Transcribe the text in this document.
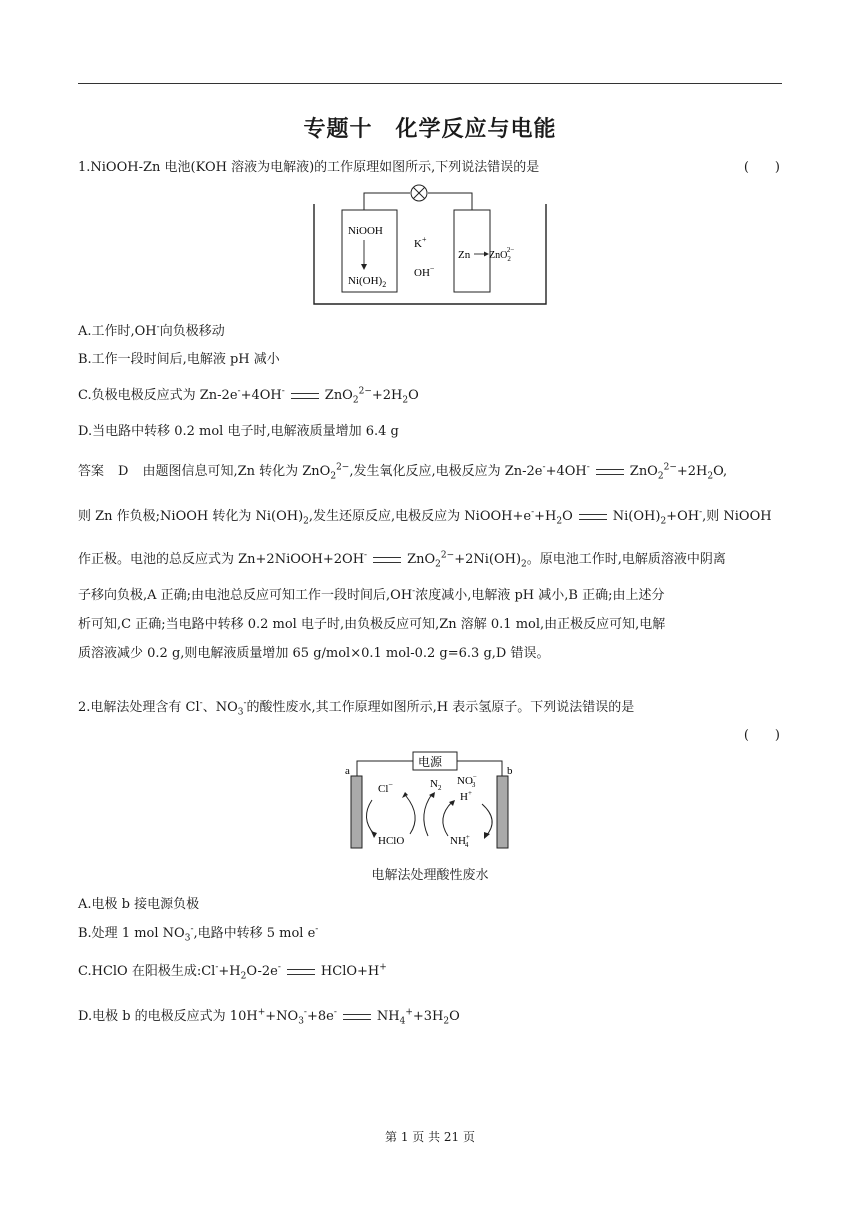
专题十　化学反应与电能
1.NiOOH-Zn 电池(KOH 溶液为电解液)的工作原理如图所示,下列说法错误的是	(　　)
NiOOH
$Ni(OH)_2$
K+
OH−
Zn ZnO$_2$2−
A.工作时,OH-向负极移动
B.工作一段时间后,电解液 pH 减小
C.负极电极反应式为 Zn-2e-+4OH-	$ZnO_2^{2-}+2H_2O$
D.当电路中转移 0.2 mol 电子时,电解液质量增加 6.4 g
答案 D 由题图信息可知,Zn 转化为 ZnO$_2^{2-}$,发生氧化反应,电极反应为 Zn-2e-+4OH-	$ZnO_2^{2-}+2H_2O$,
则 Zn 作负极;NiOOH 转化为 $Ni(OH)_2$,发生还原反应,电极反应为 $NiOOH+e^-+H_2O$	$Ni(OH)_2+OH^-$,则 NiOOH
作正极。电池的总反应式为 Zn+2NiOOH+2OH-	$ZnO_2^{2-}+2Ni(OH)_2$。原电池工作时,电解质溶液中阴离
子移向负极,A 正确;由电池总反应可知工作一段时间后,OH-浓度减小,电解液 pH 减小,B 正确;由上述分
析可知,C 正确;当电路中转移 0.2 mol 电子时,由负极反应可知,Zn 溶解 0.1 mol,由正极反应可知,电解
质溶液减少 0.2 g,则电解液质量增加 65 g/mol×0.1 mol-0.2 g=6.3 g,D 错误。
2.电解法处理含有 Cl-、$NO_3^-$的酸性废水,其工作原理如图所示,H 表示氢原子。下列说法错误的是
(　　)
电源
a	b
Cl−
HClO
$N_2$
NO− 3
H+
NH+ 4
电解法处理酸性废水
A.电极 b 接电源负极
B.处理 1 mol $NO_3^-$,电路中转移 5 mol e-
C.HClO 在阳极生成$:Cl^-+H_2O-2e^-$	HClO+H+
D.电极 b 的电极反应式为 $10H^++NO_3^-+8e^-$	$NH_4^++3H_2O$
第 1 页 共 21 页
